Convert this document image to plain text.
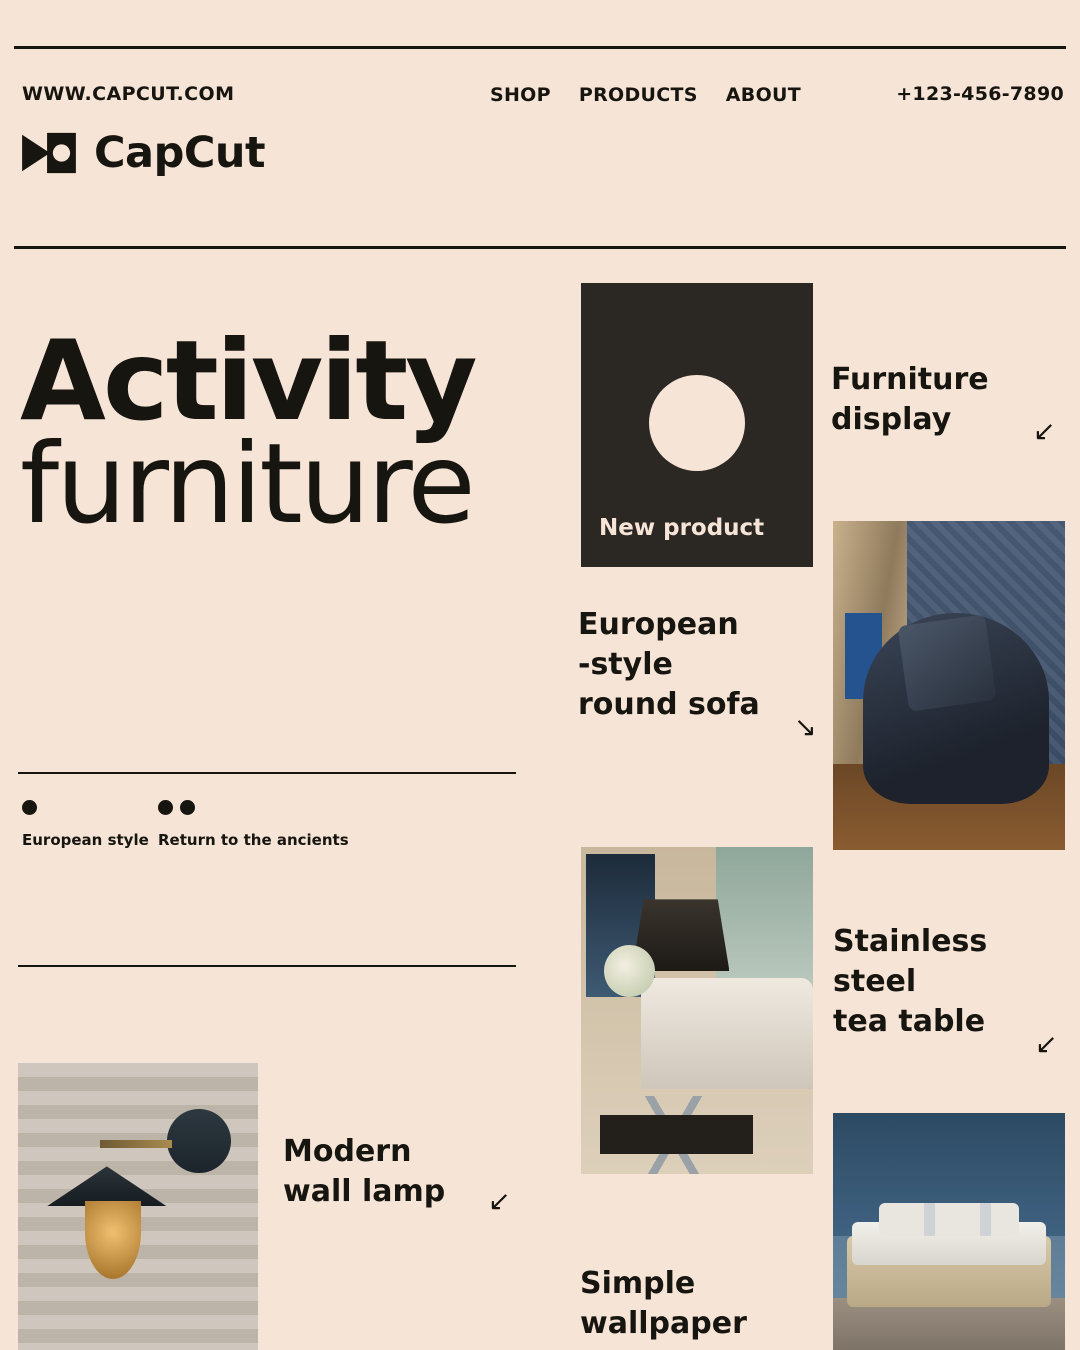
WWW.CAPCUT.COM	SHOP PRODUCTS ABOUT	+123-456-7890
CapCut
Activity
furniture
European style Return to the ancients
New product
Furniture
display	↙
European
-style
round sofa
↘
Stainless
steel
tea table
↙
Modern
wall lamp	↙
Simple
wallpaper
